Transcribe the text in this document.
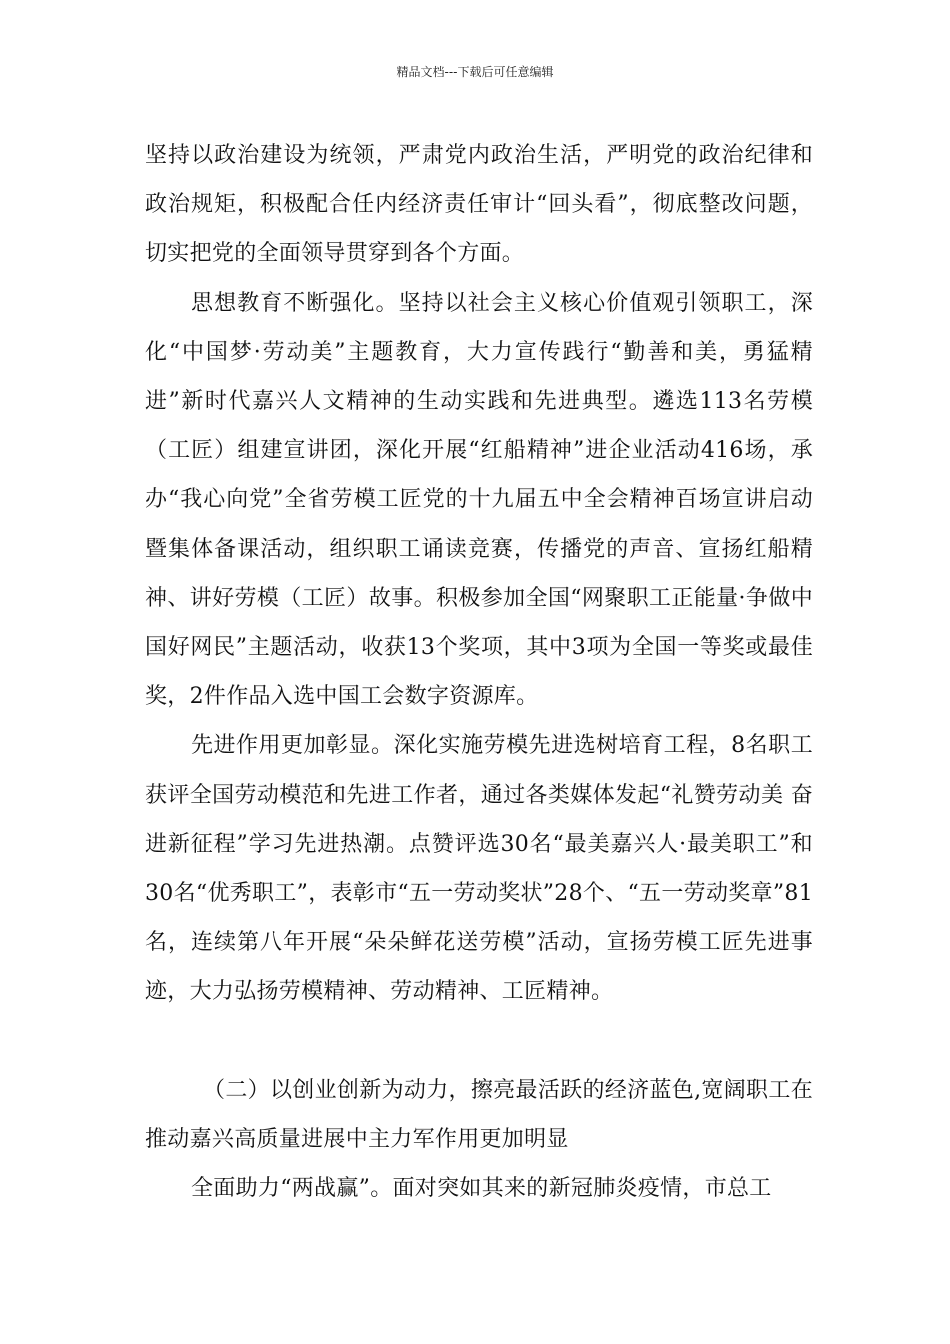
精品文档---下载后可任意编辑

坚持以政治建设为统领，严肃党内政治生活，严明党的政治纪律和政治规矩，积极配合任内经济责任审计“回头看”，彻底整改问题，切实把党的全面领导贯穿到各个方面。

思想教育不断强化。坚持以社会主义核心价值观引领职工，深化“中国梦·劳动美”主题教育，大力宣传践行“勤善和美，勇猛精进”新时代嘉兴人文精神的生动实践和先进典型。遴选113名劳模（工匠）组建宣讲团，深化开展“红船精神”进企业活动416场，承办“我心向党”全省劳模工匠党的十九届五中全会精神百场宣讲启动暨集体备课活动，组织职工诵读竞赛，传播党的声音、宣扬红船精神、讲好劳模（工匠）故事。积极参加全国“网聚职工正能量·争做中国好网民”主题活动，收获13个奖项，其中3项为全国一等奖或最佳奖，2件作品入选中国工会数字资源库。

先进作用更加彰显。深化实施劳模先进选树培育工程，8名职工获评全国劳动模范和先进工作者，通过各类媒体发起“礼赞劳动美 奋进新征程”学习先进热潮。点赞评选30名“最美嘉兴人·最美职工”和30名“优秀职工”，表彰市“五一劳动奖状”28个、“五一劳动奖章”81名，连续第八年开展“朵朵鲜花送劳模”活动，宣扬劳模工匠先进事迹，大力弘扬劳模精神、劳动精神、工匠精神。

（二）以创业创新为动力，擦亮最活跃的经济蓝色,宽阔职工在推动嘉兴高质量进展中主力军作用更加明显

全面助力“两战赢”。面对突如其来的新冠肺炎疫情，市总工
